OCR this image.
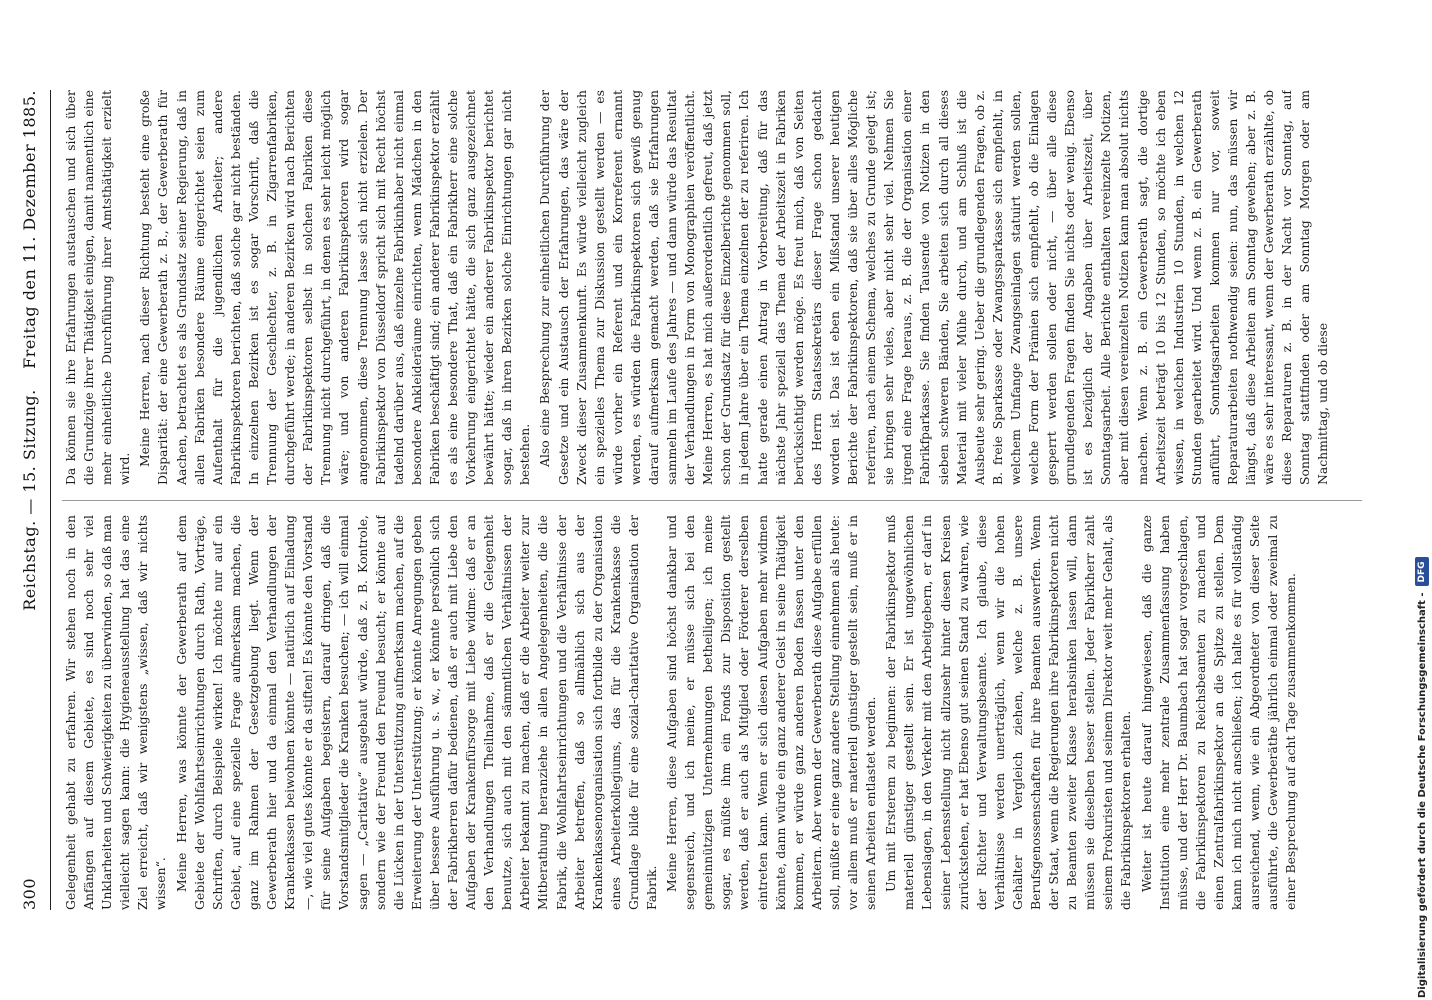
300
Reichstag. — 15. Sitzung.
Freitag den 11. Dezember 1885.

Gelegenheit gehabt zu erfahren. Wir stehen noch in den Anfängen auf diesem Gebiete, es sind noch sehr viel Unklarheiten und Schwierigkeiten zu überwinden, so daß man vielleicht sagen kann: die Hygieneausstellung hat das eine Ziel erreicht, daß wir wenigstens „wissen, daß wir nichts wissen“. Meine Herren, was könnte der Gewerberath auf dem Gebiete der Wohlfahrtseinrichtungen durch Rath, Vorträge, Schriften, durch Beispiele wirken! Ich möchte nur auf ein Gebiet, auf eine spezielle Frage aufmerksam machen, die ganz im Rahmen der Gesetzgebung liegt. Wenn der Gewerberath hier und da einmal den Verhandlungen der Krankenkassen beiwohnen könnte — natürlich auf Einladung —, wie viel gutes könnte er da stiften! Es könnte den Vorstand für seine Aufgaben begeistern, darauf dringen, daß die Vorstandsmitglieder die Kranken besuchen; — ich will einmal sagen — „Caritative“ ausgebaut würde, daß z. B. Kontrole, sondern wie der Freund den Freund besucht; er könnte auf die Lücken in der Unterstützung aufmerksam machen, auf die Erweiterung der Unterstützung; er könnte Anregungen geben über bessere Ausführung u. s. w., er könnte persönlich sich der Fabrikherren dafür bedienen, daß er auch mit Liebe den Aufgaben der Krankenfürsorge mit Liebe widme: daß er an den Verhandlungen Theilnahme, daß er die Gelegenheit benutze, sich auch mit den sämmtlichen Verhältnissen der Arbeiter bekannt zu machen, daß er die Arbeiter weiter zur Mitberathung heranziehe in allen Angelegenheiten, die die Fabrik, die Wohlfahrtseinrichtungen und die Verhältnisse der Arbeiter betreffen, daß so allmählich sich aus der Krankenkassenorganisation sich fortbilde zu der Organisation eines Arbeiterkollegiums, das für die Krankenkasse die Grundlage bilde für eine sozial-charitative Organisation der Fabrik. Meine Herren, diese Aufgaben sind höchst dankbar und segensreich, und ich meine, er müsse sich bei den gemeinnützigen Unternehmungen betheiligen; ich meine sogar, es müßte ihm ein Fonds zur Disposition gestellt werden, daß er auch als Mitglied oder Förderer derselben eintreten kann. Wenn er sich diesen Aufgaben mehr widmen könnte, dann würde ein ganz anderer Geist in seine Thätigkeit kommen, er würde ganz anderen Boden fassen unter den Arbeitern. Aber wenn der Gewerberath diese Aufgabe erfüllen soll, müßte er eine ganz andere Stellung einnehmen als heute: vor allem muß er materiell günstiger gestellt sein, muß er in seinen Arbeiten entlastet werden. Um mit Ersterem zu beginnen: der Fabrikinspektor muß materiell günstiger gestellt sein. Er ist ungewöhnlichen Lebenslagen, in den Verkehr mit den Arbeitgebern, er darf in seiner Lebensstellung nicht allzusehr hinter diesen Kreisen zurückstehen, er hat Ebenso gut seinen Stand zu wahren, wie der Richter und Verwaltungsbeamte. Ich glaube, diese Verhältnisse werden unerträglich, wenn wir die hohen Gehälter in Vergleich ziehen, welche z. B. unsere Berufsgenossenschaften für ihre Beamten auswerfen. Wenn der Staat, wenn die Regierungen ihre Fabrikinspektoren nicht zu Beamten zweiter Klasse herabsinken lassen will, dann müssen sie dieselben besser stellen. Jeder Fabrikherr zahlt seinem Prokuristen und seinem Direktor weit mehr Gehalt, als die Fabrikinspektoren erhalten. Weiter ist heute darauf hingewiesen, daß die ganze Institution eine mehr zentrale Zusammenfassung haben müsse, und der Herr Dr. Baumbach hat sogar vorgeschlagen, die Fabrikinspektoren zu Reichsbeamten zu machen und einen Zentralfabrikinspektor an die Spitze zu stellen. Dem kann ich mich nicht anschließen; ich halte es für vollständig ausreichend, wenn, wie ein Abgeordneter von dieser Seite ausführte, die Gewerberäthe jährlich einmal oder zweimal zu einer Besprechung auf acht Tage zusammenkommen.

Da können sie ihre Erfahrungen austauschen und sich über die Grundzüge ihrer Thätigkeit einigen, damit namentlich eine mehr einheitliche Durchführung ihrer Amtsthätigkeit erzielt wird.

Meine Herren, nach dieser Richtung besteht eine große Disparität: der eine Gewerberath z. B., der Gewerberath für Aachen, betrachtet es als Grundsatz seiner Regierung, daß in allen Fabriken besondere Räume eingerichtet seien zum Aufenthalt für die jugendlichen Arbeiter; andere Fabrikinspektoren berichten, daß solche gar nicht beständen. In einzelnen Bezirken ist es sogar Vorschrift, daß die Trennung der Geschlechter, z. B. in Zigarrenfabriken, durchgeführt werde; in anderen Bezirken wird nach Berichten der Fabrikinspektoren selbst in solchen Fabriken diese Trennung nicht durchgeführt, in denen es sehr leicht möglich wäre; und von anderen Fabrikinspektoren wird sogar angenommen, diese Trennung lasse sich nicht erzielen. Der Fabrikinspektor von Düsseldorf spricht sich mit Recht höchst tadelnd darüber aus, daß einzelne Fabrikinhaber nicht einmal besondere Ankleideräume einrichten, wenn Mädchen in den Fabriken beschäftigt sind; ein anderer Fabrikinspektor erzählt es als eine besondere That, daß ein Fabrikherr eine solche Vorkehrung eingerichtet hätte, die sich ganz ausgezeichnet bewährt hätte; wieder ein anderer Fabrikinspektor berichtet sogar, daß in ihren Bezirken solche Einrichtungen gar nicht bestehen. Also eine Besprechung zur einheitlichen Durchführung der Gesetze und ein Austausch der Erfahrungen, das wäre der Zweck dieser Zusammenkunft. Es würde vielleicht zugleich ein spezielles Thema zur Diskussion gestellt werden — es würde vorher ein Referent und ein Korreferent ernannt werden, es würden die Fabrikinspektoren sich gewiß genug darauf aufmerksam gemacht werden, daß sie Erfahrungen sammeln im Laufe des Jahres — und dann würde das Resultat der Verhandlungen in Form von Monographien veröffentlicht. Meine Herren, es hat mich außerordentlich gefreut, daß jetzt schon der Grundsatz für diese Einzelberichte genommen soll, in jedem Jahre über ein Thema einzelnen der zu referiren. Ich hatte gerade einen Antrag in Vorbereitung, daß für das nächste Jahr speziell das Thema der Arbeitszeit in Fabriken berücksichtigt werden möge. Es freut mich, daß von Seiten des Herrn Staatssekretärs dieser Frage schon gedacht worden ist. Das ist eben ein Mißstand unserer heutigen Berichte der Fabrikinspektoren, daß sie über alles Mögliche referiren, nach einem Schema, welches zu Grunde gelegt ist; sie bringen sehr vieles, aber nicht sehr viel. Nehmen Sie irgend eine Frage heraus, z. B. die der Organisation einer Fabrikfparkasse. Sie finden Tausende von Notizen in den sieben schweren Bänden, Sie arbeiten sich durch all dieses Material mit vieler Mühe durch, und am Schluß ist die Ausbeute sehr gering. Ueber die grundlegenden Fragen, ob z. B. freie Sparkasse oder Zwangssparkasse sich empfiehlt, in welchem Umfange Zwangseinlagen statuirt werden sollen, welche Form der Prämien sich empfiehlt, ob die Einlagen gesperrt werden sollen oder nicht, — über alle diese grundlegenden Fragen finden Sie nichts oder wenig. Ebenso ist es bezüglich der Angaben über Arbeitszeit, über Sonntagsarbeit. Alle Berichte enthalten vereinzelte Notizen, aber mit diesen vereinzelten Notizen kann man absolut nichts machen. Wenn z. B. ein Gewerberath sagt, die dortige Arbeitszeit beträgt 10 bis 12 Stunden, so möchte ich eben wissen, in welchen Industrien 10 Stunden, in welchen 12 Stunden gearbeitet wird. Und wenn z. B. ein Gewerberath anführt, Sonntagsarbeiten kommen nur vor, soweit Reparaturarbeiten nothwendig seien: nun, das müssen wir längst, daß diese Arbeiten am Sonntag gewehen; aber z. B. wäre es sehr interessant, wenn der Gewerberath erzählte, ob diese Reparaturen z. B. in der Nacht vor Sonntag, auf Sonntag stattfinden oder am Sonntag Morgen oder am Nachmittag, und ob diese

Digitalisierung gefördert durch die Deutsche Forschungsgemeinschaft -
DFG
